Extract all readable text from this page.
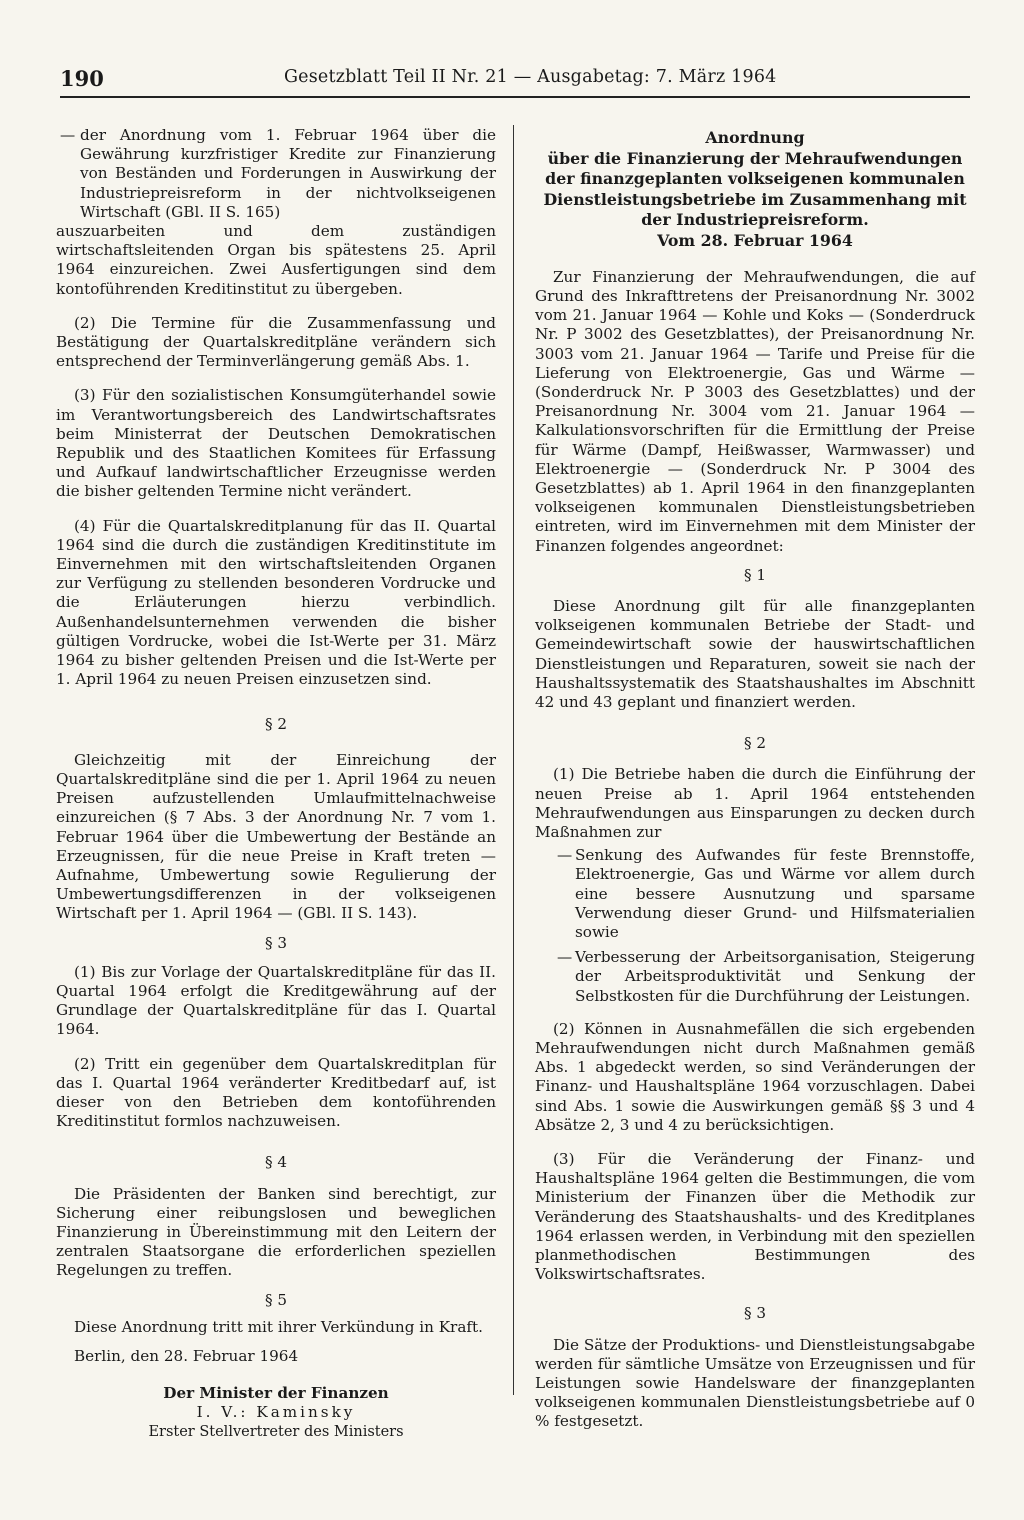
190	Gesetzblatt Teil II Nr. 21 — Ausgabetag: 7. März 1964
— der Anordnung vom 1. Februar 1964 über die Gewährung kurzfristiger Kredite zur Finanzierung von Beständen und Forderungen in Auswirkung der Industriepreisreform in der nichtvolkseigenen Wirtschaft (GBl. II S. 165)

auszuarbeiten und dem zuständigen wirtschaftsleitenden Organ bis spätestens 25. April 1964 einzureichen. Zwei Ausfertigungen sind dem kontoführenden Kreditinstitut zu übergeben.

(2) Die Termine für die Zusammenfassung und Bestätigung der Quartalskreditpläne verändern sich entsprechend der Terminverlängerung gemäß Abs. 1.

(3) Für den sozialistischen Konsumgüterhandel sowie im Verantwortungsbereich des Landwirtschaftsrates beim Ministerrat der Deutschen Demokratischen Republik und des Staatlichen Komitees für Erfassung und Aufkauf landwirtschaftlicher Erzeugnisse werden die bisher geltenden Termine nicht verändert.

(4) Für die Quartalskreditplanung für das II. Quartal 1964 sind die durch die zuständigen Kreditinstitute im Einvernehmen mit den wirtschaftsleitenden Organen zur Verfügung zu stellenden besonderen Vordrucke und die Erläuterungen hierzu verbindlich. Außenhandelsunternehmen verwenden die bisher gültigen Vordrucke, wobei die Ist-Werte per 31. März 1964 zu bisher geltenden Preisen und die Ist-Werte per 1. April 1964 zu neuen Preisen einzusetzen sind.

§ 2

Gleichzeitig mit der Einreichung der Quartalskreditpläne sind die per 1. April 1964 zu neuen Preisen aufzustellenden Umlaufmittelnachweise einzureichen (§ 7 Abs. 3 der Anordnung Nr. 7 vom 1. Februar 1964 über die Umbewertung der Bestände an Erzeugnissen, für die neue Preise in Kraft treten — Aufnahme, Umbewertung sowie Regulierung der Umbewertungsdifferenzen in der volkseigenen Wirtschaft per 1. April 1964 — (GBl. II S. 143).

§ 3

(1) Bis zur Vorlage der Quartalskreditpläne für das II. Quartal 1964 erfolgt die Kreditgewährung auf der Grundlage der Quartalskreditpläne für das I. Quartal 1964.

(2) Tritt ein gegenüber dem Quartalskreditplan für das I. Quartal 1964 veränderter Kreditbedarf auf, ist dieser von den Betrieben dem kontoführenden Kreditinstitut formlos nachzuweisen.

§ 4

Die Präsidenten der Banken sind berechtigt, zur Sicherung einer reibungslosen und beweglichen Finanzierung in Übereinstimmung mit den Leitern der zentralen Staatsorgane die erforderlichen speziellen Regelungen zu treffen.

§ 5

Diese Anordnung tritt mit ihrer Verkündung in Kraft.

Berlin, den 28. Februar 1964

Der Minister der Finanzen

I. V.: Kaminsky

Erster Stellvertreter des Ministers

Anordnung
über die Finanzierung der Mehraufwendungen der finanzgeplanten volkseigenen kommunalen Dienstleistungsbetriebe im Zusammenhang mit der Industriepreisreform.

Vom 28. Februar 1964

Zur Finanzierung der Mehraufwendungen, die auf Grund des Inkrafttretens der Preisanordnung Nr. 3002 vom 21. Januar 1964 — Kohle und Koks — (Sonderdruck Nr. P 3002 des Gesetzblattes), der Preisanordnung Nr. 3003 vom 21. Januar 1964 — Tarife und Preise für die Lieferung von Elektroenergie, Gas und Wärme — (Sonderdruck Nr. P 3003 des Gesetzblattes) und der Preisanordnung Nr. 3004 vom 21. Januar 1964 — Kalkulationsvorschriften für die Ermittlung der Preise für Wärme (Dampf, Heißwasser, Warmwasser) und Elektroenergie — (Sonderdruck Nr. P 3004 des Gesetzblattes) ab 1. April 1964 in den finanzgeplanten volkseigenen kommunalen Dienstleistungsbetrieben eintreten, wird im Einvernehmen mit dem Minister der Finanzen folgendes angeordnet:

§ 1

Diese Anordnung gilt für alle finanzgeplanten volkseigenen kommunalen Betriebe der Stadt- und Gemeindewirtschaft sowie der hauswirtschaftlichen Dienstleistungen und Reparaturen, soweit sie nach der Haushaltssystematik des Staatshaushaltes im Abschnitt 42 und 43 geplant und finanziert werden.

§ 2

(1) Die Betriebe haben die durch die Einführung der neuen Preise ab 1. April 1964 entstehenden Mehraufwendungen aus Einsparungen zu decken durch Maßnahmen zur

— Senkung des Aufwandes für feste Brennstoffe, Elektroenergie, Gas und Wärme vor allem durch eine bessere Ausnutzung und sparsame Verwendung dieser Grund- und Hilfsmaterialien sowie

— Verbesserung der Arbeitsorganisation, Steigerung der Arbeitsproduktivität und Senkung der Selbstkosten für die Durchführung der Leistungen.

(2) Können in Ausnahmefällen die sich ergebenden Mehraufwendungen nicht durch Maßnahmen gemäß Abs. 1 abgedeckt werden, so sind Veränderungen der Finanz- und Haushaltspläne 1964 vorzuschlagen. Dabei sind Abs. 1 sowie die Auswirkungen gemäß §§ 3 und 4 Absätze 2, 3 und 4 zu berücksichtigen.

(3) Für die Veränderung der Finanz- und Haushaltspläne 1964 gelten die Bestimmungen, die vom Ministerium der Finanzen über die Methodik zur Veränderung des Staatshaushalts- und des Kreditplanes 1964 erlassen werden, in Verbindung mit den speziellen planmethodischen Bestimmungen des Volkswirtschaftsrates.

§ 3

Die Sätze der Produktions- und Dienstleistungsabgabe werden für sämtliche Umsätze von Erzeugnissen und für Leistungen sowie Handelsware der finanzgeplanten volkseigenen kommunalen Dienstleistungsbetriebe auf 0 % festgesetzt.
